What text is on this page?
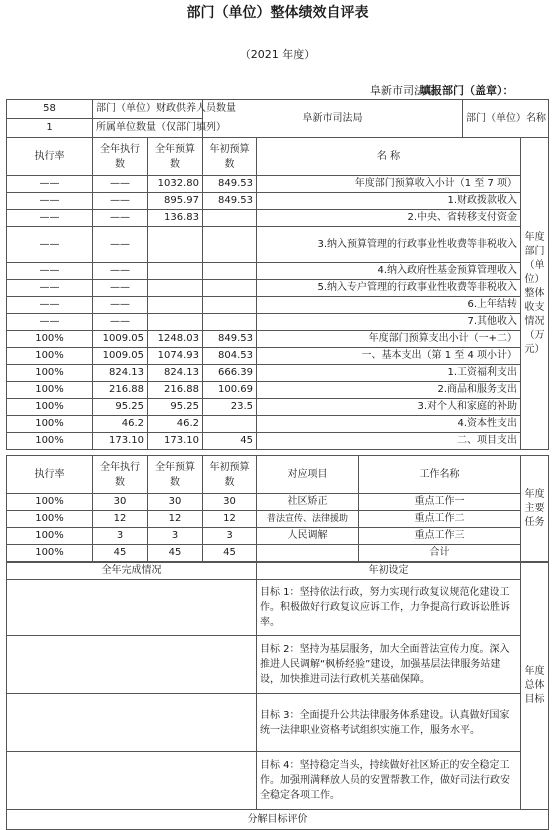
部门（单位）整体绩效自评表
（2021 年度）
填报部门（盖章）：
阜新市司法局
58	部门（单位）财政供养人员数量		阜新市司法局		部门（单位）名称	
1	所属单位数量（仅部门填列）					
执行率	全年执行数	全年预算数	年初预算数	名 称		年度部门（单位）整体收支情况（万元）
——	——	1032.80	849.53	年度部门预算收入小计（1 至 7 项）		
——	——	895.97	849.53	1.财政拨款收入		
——	——	136.83		2.中央、省转移支付资金		
——	——			3.纳入预算管理的行政事业性收费等非税收入		
——	——			4.纳入政府性基金预算管理收入		
——	——			5.纳入专户管理的行政事业性收费等非税收入		
——	——			6.上年结转		
——	——			7.其他收入		
100%	1009.05	1248.03	849.53	年度部门预算支出小计（一+二）		
100%	1009.05	1074.93	804.53	一、基本支出（第 1 至 4 项小计）		
100%	824.13	824.13	666.39	1.工资福利支出		
100%	216.88	216.88	100.69	2.商品和服务支出		
100%	95.25	95.25	23.5	3.对个人和家庭的补助		
100%	46.2	46.2		4.资本性支出		
100%	173.10	173.10	45	二、项目支出		
执行率	全年执行数	全年预算数	年初预算数	对应项目	工作名称	年度主要任务
100%	30	30	30	社区矫正	重点工作一	
100%	12	12	12	普法宣传、法律援助	重点工作二	
100%	3	3	3	人民调解	重点工作三	
100%	45	45	45		合计	
全年完成情况	年初设定	年度总体目标
	目标 1：坚持依法行政，努力实现行政复议规范化建设工作。积极做好行政复议应诉工作，力争提高行政诉讼胜诉率。	
	目标 2：坚持为基层服务，加大全面普法宣传力度。深入推进人民调解“枫桥经验”建设，加强基层法律服务站建设，加快推进司法行政机关基础保障。	
	目标 3：全面提升公共法律服务体系建设。认真做好国家统一法律职业资格考试组织实施工作，服务水平。	
	目标 4：坚持稳定当头，持续做好社区矫正的安全稳定工作。加强刑满释放人员的安置帮教工作，做好司法行政安全稳定各项工作。	
分解目标评价		
